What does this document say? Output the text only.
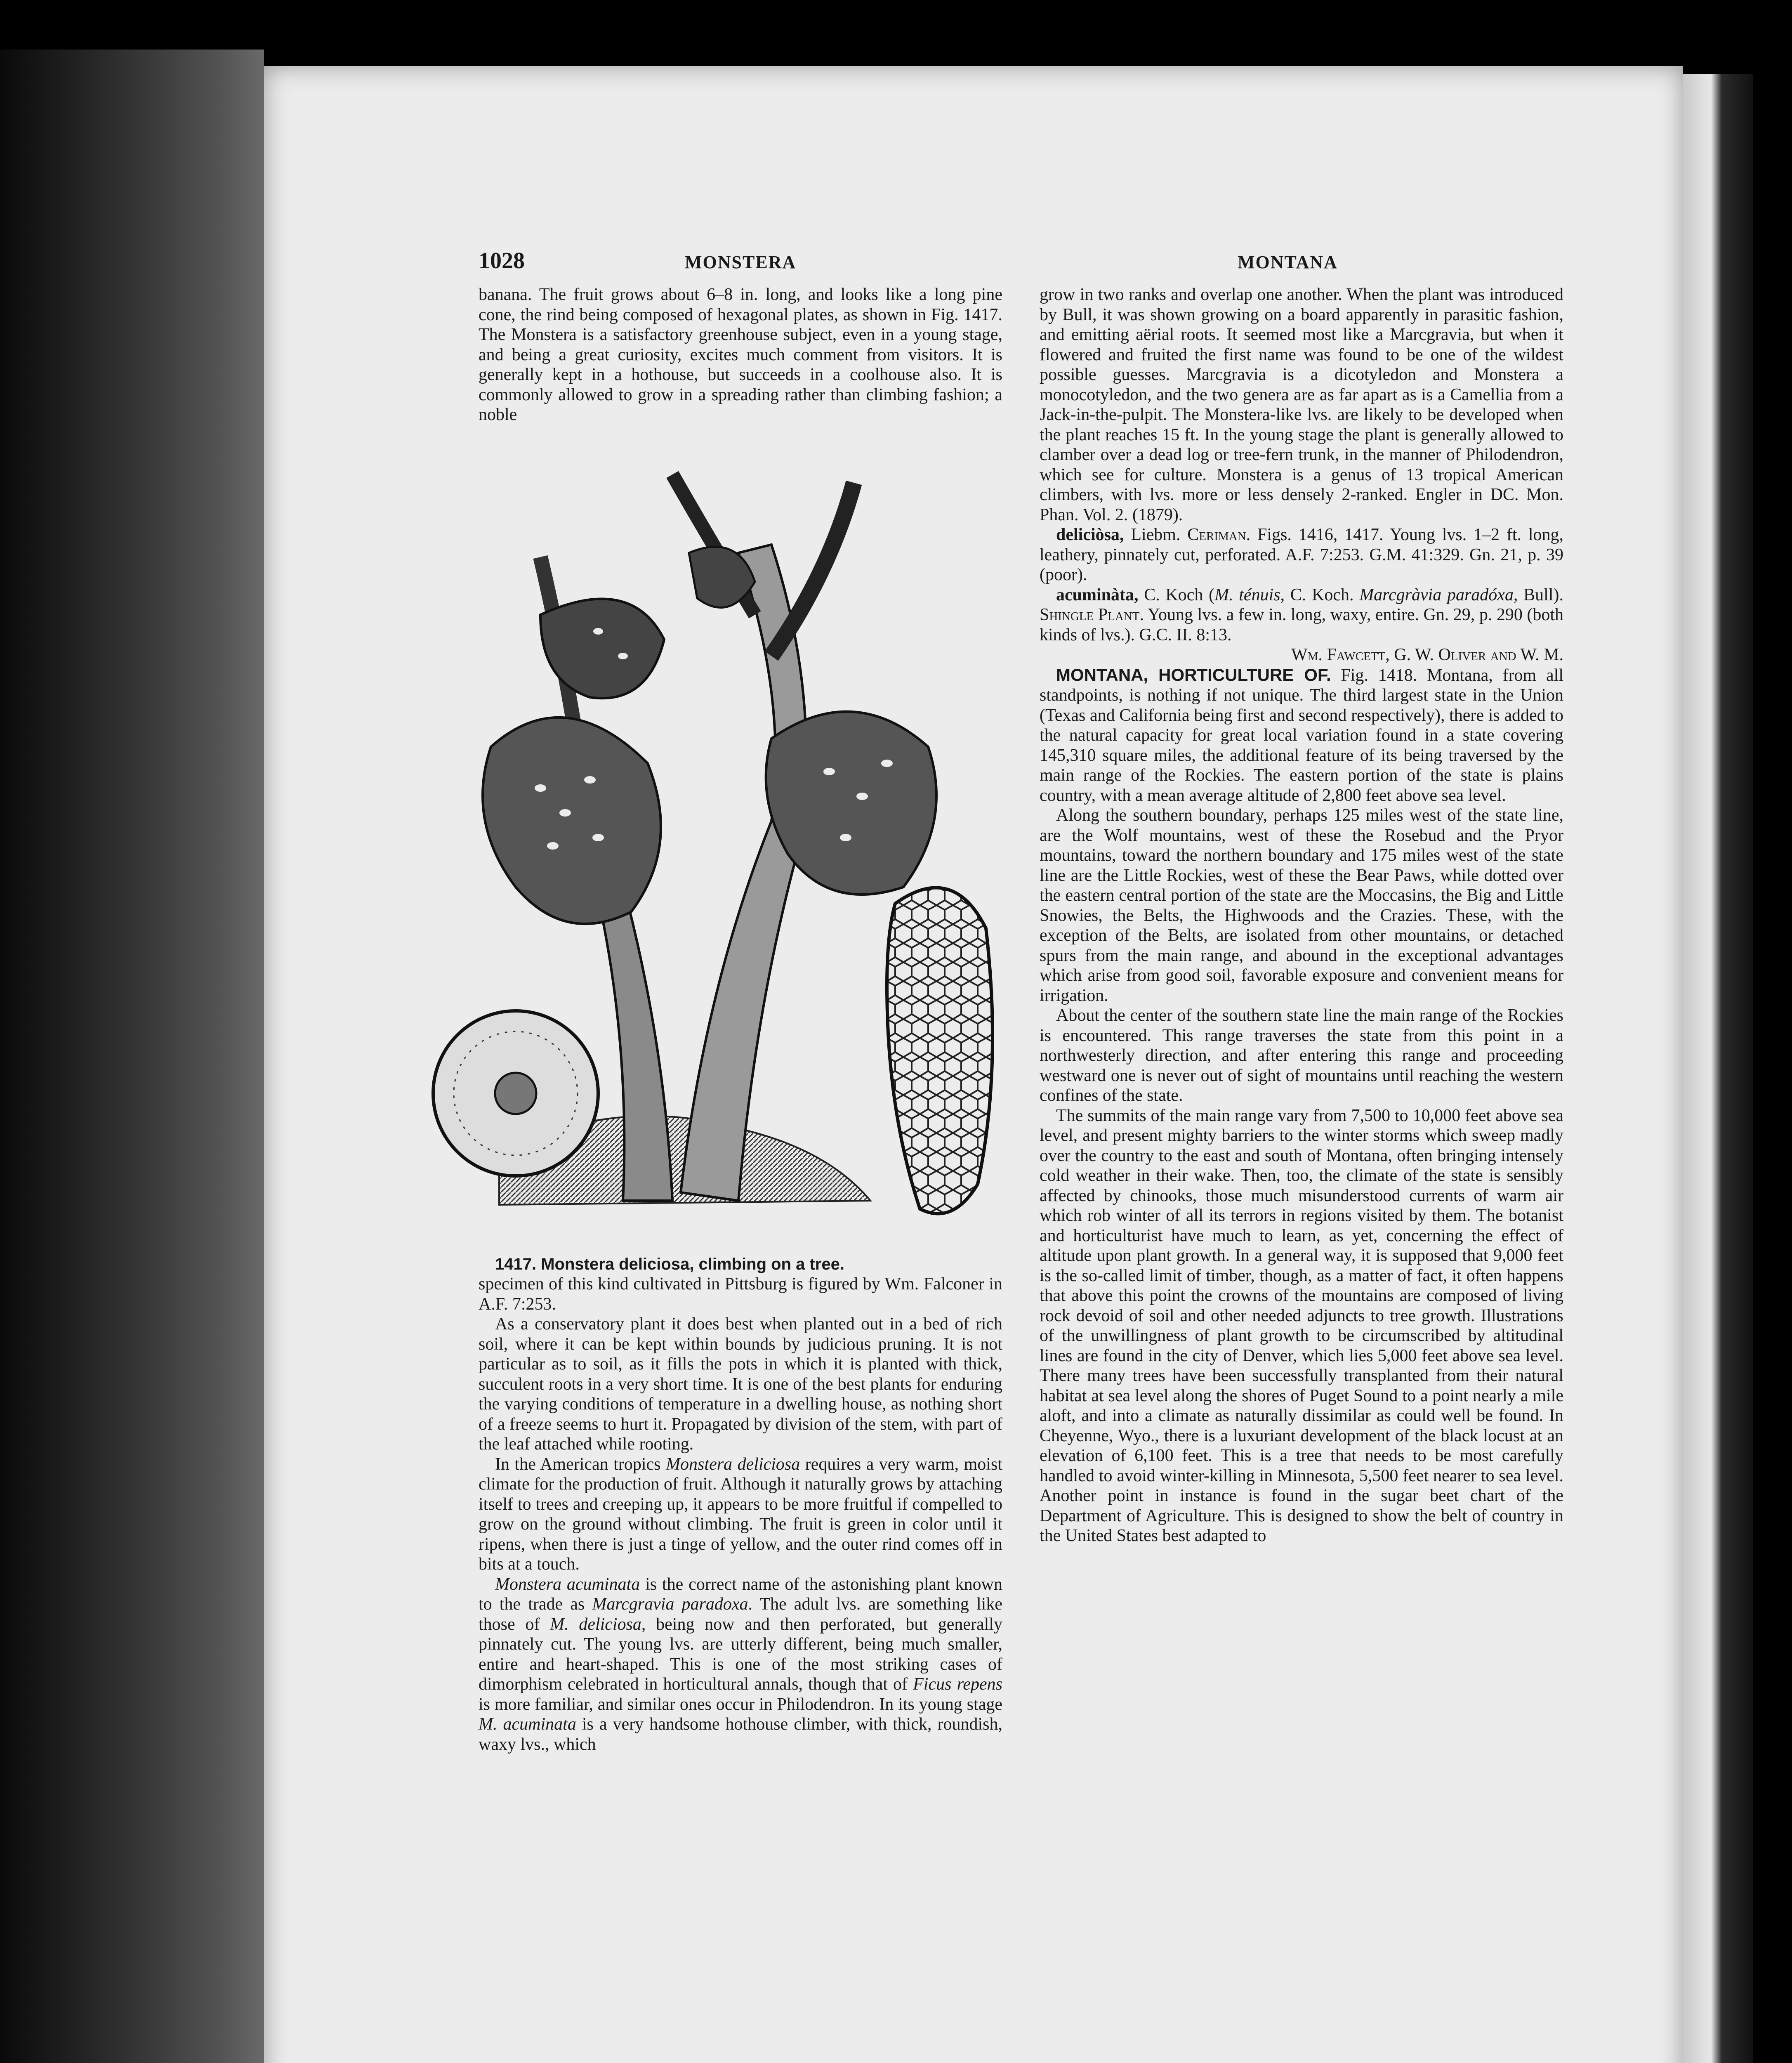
1028	MONSTERA	MONTANA

banana. The fruit grows about 6–8 in. long, and looks like a long pine cone, the rind being composed of hexagonal plates, as shown in Fig. 1417. The Monstera is a satisfactory greenhouse subject, even in a young stage, and being a great curiosity, excites much comment from visitors. It is generally kept in a hothouse, but succeeds in a coolhouse also. It is commonly allowed to grow in a spreading rather than climbing fashion; a noble

1417. Monstera deliciosa, climbing on a tree.

specimen of this kind cultivated in Pittsburg is figured by Wm. Falconer in A.F. 7:253.

As a conservatory plant it does best when planted out in a bed of rich soil, where it can be kept within bounds by judicious pruning. It is not particular as to soil, as it fills the pots in which it is planted with thick, succulent roots in a very short time. It is one of the best plants for enduring the varying conditions of temperature in a dwelling house, as nothing short of a freeze seems to hurt it. Propagated by division of the stem, with part of the leaf attached while rooting.

In the American tropics Monstera deliciosa requires a very warm, moist climate for the production of fruit. Although it naturally grows by attaching itself to trees and creeping up, it appears to be more fruitful if compelled to grow on the ground without climbing. The fruit is green in color until it ripens, when there is just a tinge of yellow, and the outer rind comes off in bits at a touch.

Monstera acuminata is the correct name of the astonishing plant known to the trade as Marcgravia paradoxa. The adult lvs. are something like those of M. deliciosa, being now and then perforated, but generally pinnately cut. The young lvs. are utterly different, being much smaller, entire and heart-shaped. This is one of the most striking cases of dimorphism celebrated in horticultural annals, though that of Ficus repens is more familiar, and similar ones occur in Philodendron. In its young stage M. acuminata is a very handsome hothouse climber, with thick, roundish, waxy lvs., which

grow in two ranks and overlap one another. When the plant was introduced by Bull, it was shown growing on a board apparently in parasitic fashion, and emitting aërial roots. It seemed most like a Marcgravia, but when it flowered and fruited the first name was found to be one of the wildest possible guesses. Marcgravia is a dicotyledon and Monstera a monocotyledon, and the two genera are as far apart as is a Camellia from a Jack-in-the-pulpit. The Monstera-like lvs. are likely to be developed when the plant reaches 15 ft. In the young stage the plant is generally allowed to clamber over a dead log or tree-fern trunk, in the manner of Philodendron, which see for culture. Monstera is a genus of 13 tropical American climbers, with lvs. more or less densely 2-ranked. Engler in DC. Mon. Phan. Vol. 2. (1879).

deliciòsa, Liebm. Ceriman. Figs. 1416, 1417. Young lvs. 1–2 ft. long, leathery, pinnately cut, perforated. A.F. 7:253. G.M. 41:329. Gn. 21, p. 39 (poor).

acuminàta, C. Koch (M. ténuis, C. Koch. Marcgràvia paradóxa, Bull). Shingle Plant. Young lvs. a few in. long, waxy, entire. Gn. 29, p. 290 (both kinds of lvs.). G.C. II. 8:13.

Wm. Fawcett, G. W. Oliver and W. M.

MONTANA, HORTICULTURE OF. Fig. 1418. Montana, from all standpoints, is nothing if not unique. The third largest state in the Union (Texas and California being first and second respectively), there is added to the natural capacity for great local variation found in a state covering 145,310 square miles, the additional feature of its being traversed by the main range of the Rockies. The eastern portion of the state is plains country, with a mean average altitude of 2,800 feet above sea level.

Along the southern boundary, perhaps 125 miles west of the state line, are the Wolf mountains, west of these the Rosebud and the Pryor mountains, toward the northern boundary and 175 miles west of the state line are the Little Rockies, west of these the Bear Paws, while dotted over the eastern central portion of the state are the Moccasins, the Big and Little Snowies, the Belts, the Highwoods and the Crazies. These, with the exception of the Belts, are isolated from other mountains, or detached spurs from the main range, and abound in the exceptional advantages which arise from good soil, favorable exposure and convenient means for irrigation.

About the center of the southern state line the main range of the Rockies is encountered. This range traverses the state from this point in a northwesterly direction, and after entering this range and proceeding westward one is never out of sight of mountains until reaching the western confines of the state.

The summits of the main range vary from 7,500 to 10,000 feet above sea level, and present mighty barriers to the winter storms which sweep madly over the country to the east and south of Montana, often bringing intensely cold weather in their wake. Then, too, the climate of the state is sensibly affected by chinooks, those much misunderstood currents of warm air which rob winter of all its terrors in regions visited by them. The botanist and horticulturist have much to learn, as yet, concerning the effect of altitude upon plant growth. In a general way, it is supposed that 9,000 feet is the so-called limit of timber, though, as a matter of fact, it often happens that above this point the crowns of the mountains are composed of living rock devoid of soil and other needed adjuncts to tree growth. Illustrations of the unwillingness of plant growth to be circumscribed by altitudinal lines are found in the city of Denver, which lies 5,000 feet above sea level. There many trees have been successfully transplanted from their natural habitat at sea level along the shores of Puget Sound to a point nearly a mile aloft, and into a climate as naturally dissimilar as could well be found. In Cheyenne, Wyo., there is a luxuriant development of the black locust at an elevation of 6,100 feet. This is a tree that needs to be most carefully handled to avoid winter-killing in Minnesota, 5,500 feet nearer to sea level. Another point in instance is found in the sugar beet chart of the Department of Agriculture. This is designed to show the belt of country in the United States best adapted to
